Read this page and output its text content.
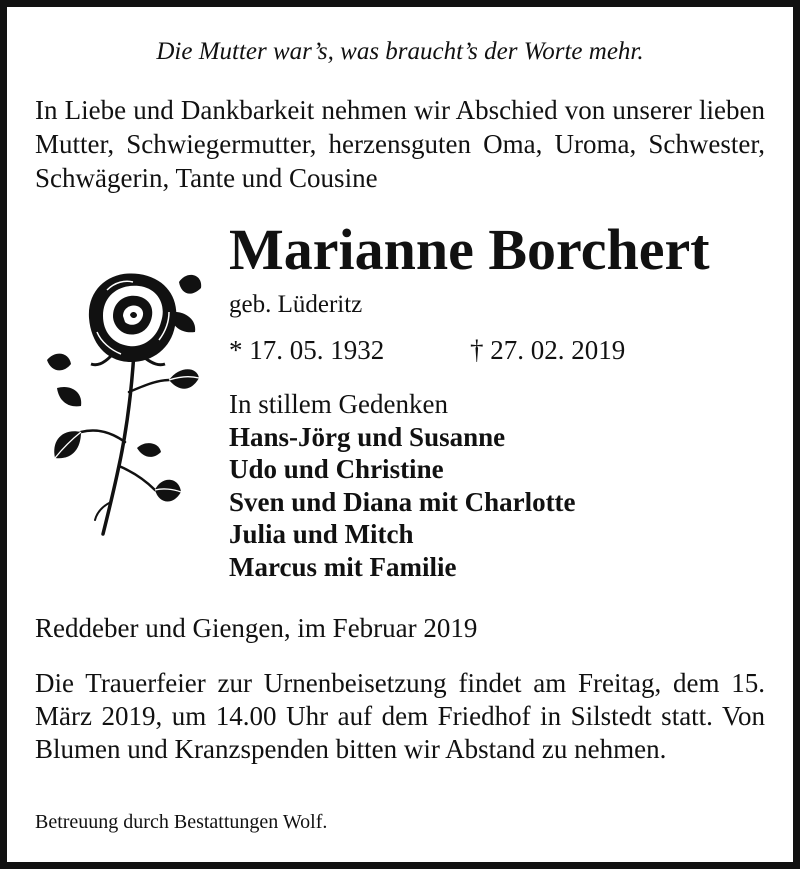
Die Mutter war’s, was braucht’s der Worte mehr.
In Liebe und Dankbarkeit nehmen wir Abschied von unserer lieben Mutter, Schwiegermutter, herzensguten Oma, Uroma, Schwester, Schwägerin, Tante und Cousine
Marianne Borchert
geb. Lüderitz
* 17. 05. 1932	† 27. 02. 2019
In stillem Gedenken
Hans-Jörg und Susanne
Udo und Christine
Sven und Diana mit Charlotte
Julia und Mitch
Marcus mit Familie
Reddeber und Giengen, im Februar 2019
Die Trauerfeier zur Urnenbeisetzung findet am Freitag, dem 15. März 2019, um 14.00 Uhr auf dem Friedhof in Silstedt statt. Von Blumen und Kranzspenden bitten wir Abstand zu nehmen.
Betreuung durch Bestattungen Wolf.
